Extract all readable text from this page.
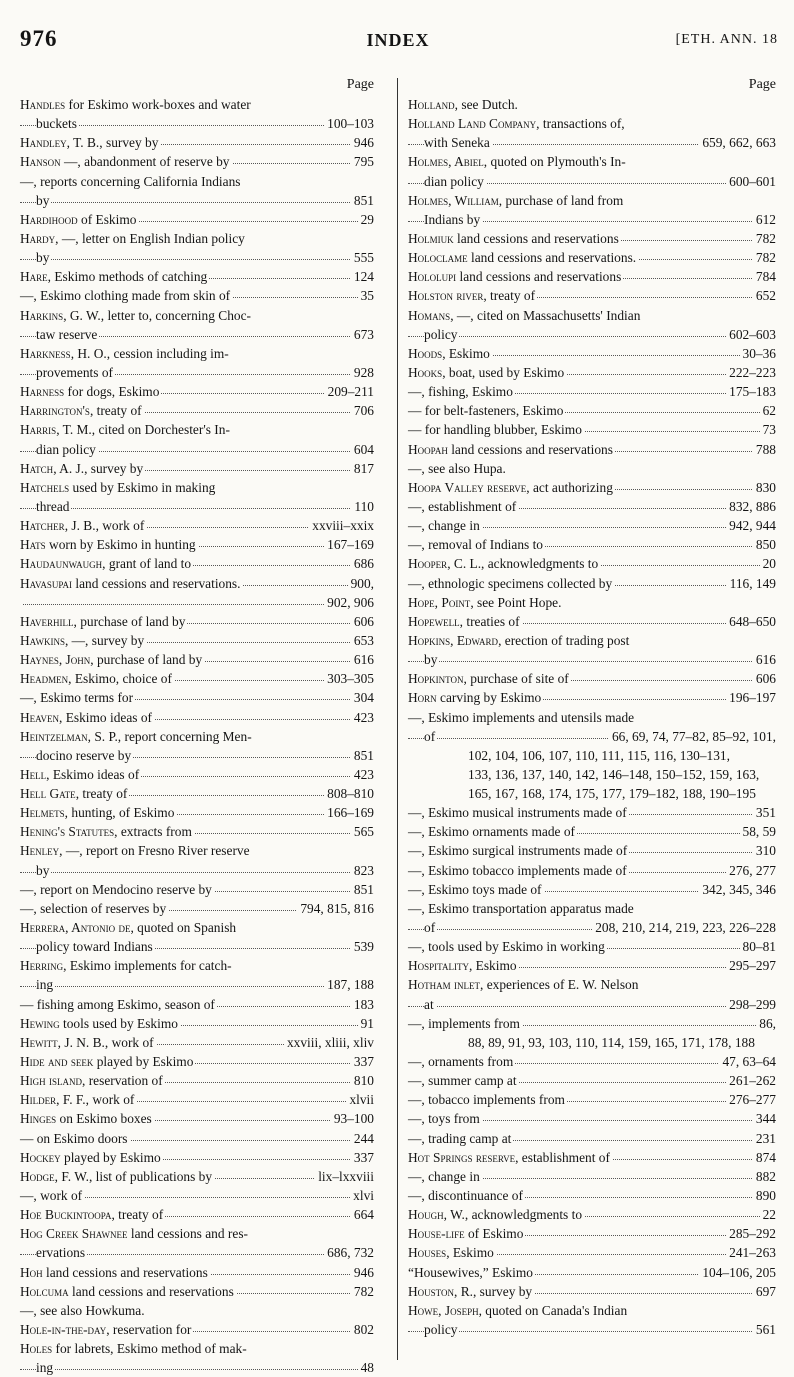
976	INDEX	[ETH. ANN. 18
Page
Handles for Eskimo work-boxes and water
buckets	100–103
Handley, T. B., survey by	946
Hanson —, abandonment of reserve by	795
—, reports concerning California Indians
by	851
Hardihood of Eskimo	29
Hardy, —, letter on English Indian policy
by	555
Hare, Eskimo methods of catching	124
—, Eskimo clothing made from skin of	35
Harkins, G. W., letter to, concerning Choc-
taw reserve	673
Harkness, H. O., cession including im-
provements of	928
Harness for dogs, Eskimo	209–211
Harrington's, treaty of	706
Harris, T. M., cited on Dorchester's In-
dian policy	604
Hatch, A. J., survey by	817
Hatchels used by Eskimo in making
thread	110
Hatcher, J. B., work of	xxviii–xxix
Hats worn by Eskimo in hunting	167–169
Haudaunwaugh, grant of land to	686
Havasupai land cessions and reservations.	900,
902, 906
Haverhill, purchase of land by	606
Hawkins, —, survey by	653
Haynes, John, purchase of land by	616
Headmen, Eskimo, choice of	303–305
—, Eskimo terms for	304
Heaven, Eskimo ideas of	423
Heintzelman, S. P., report concerning Men-
docino reserve by	851
Hell, Eskimo ideas of	423
Hell Gate, treaty of	808–810
Helmets, hunting, of Eskimo	166–169
Hening's Statutes, extracts from	565
Henley, —, report on Fresno River reserve
by	823
—, report on Mendocino reserve by	851
—, selection of reserves by	794, 815, 816
Herrera, Antonio de, quoted on Spanish
policy toward Indians	539
Herring, Eskimo implements for catch-
ing	187, 188
— fishing among Eskimo, season of	183
Hewing tools used by Eskimo	91
Hewitt, J. N. B., work of	xxviii, xliii, xliv
Hide and seek played by Eskimo	337
High island, reservation of	810
Hilder, F. F., work of	xlvii
Hinges on Eskimo boxes	93–100
— on Eskimo doors	244
Hockey played by Eskimo	337
Hodge, F. W., list of publications by	lix–lxxviii
—, work of	xlvi
Hoe Buckintoopa, treaty of	664
Hog Creek Shawnee land cessions and res-
ervations	686, 732
Hoh land cessions and reservations	946
Holcuma land cessions and reservations	782
—, see also Howkuma.
Hole-in-the-day, reservation for	802
Holes for labrets, Eskimo method of mak-
ing	48
Page
Holland, see Dutch.
Holland Land Company, transactions of,
with Seneka	659, 662, 663
Holmes, Abiel, quoted on Plymouth's In-
dian policy	600–601
Holmes, William, purchase of land from
Indians by	612
Holmiuk land cessions and reservations	782
Holoclame land cessions and reservations.	782
Hololupi land cessions and reservations	784
Holston river, treaty of	652
Homans, —, cited on Massachusetts' Indian
policy	602–603
Hoods, Eskimo	30–36
Hooks, boat, used by Eskimo	222–223
—, fishing, Eskimo	175–183
— for belt-fasteners, Eskimo	62
— for handling blubber, Eskimo	73
Hoopah land cessions and reservations	788
—, see also Hupa.
Hoopa Valley reserve, act authorizing	830
—, establishment of	832, 886
—, change in	942, 944
—, removal of Indians to	850
Hooper, C. L., acknowledgments to	20
—, ethnologic specimens collected by	116, 149
Hope, Point, see Point Hope.
Hopewell, treaties of	648–650
Hopkins, Edward, erection of trading post
by	616
Hopkinton, purchase of site of	606
Horn carving by Eskimo	196–197
—, Eskimo implements and utensils made
of	66, 69, 74, 77–82, 85–92, 101,
102, 104, 106, 107, 110, 111, 115, 116, 130–131,
133, 136, 137, 140, 142, 146–148, 150–152, 159, 163,
165, 167, 168, 174, 175, 177, 179–182, 188, 190–195
—, Eskimo musical instruments made of	351
—, Eskimo ornaments made of	58, 59
—, Eskimo surgical instruments made of	310
—, Eskimo tobacco implements made of	276, 277
—, Eskimo toys made of	342, 345, 346
—, Eskimo transportation apparatus made
of	208, 210, 214, 219, 223, 226–228
—, tools used by Eskimo in working	80–81
Hospitality, Eskimo	295–297
Hotham inlet, experiences of E. W. Nelson
at	298–299
—, implements from	86,
88, 89, 91, 93, 103, 110, 114, 159, 165, 171, 178, 188
—, ornaments from	47, 63–64
—, summer camp at	261–262
—, tobacco implements from	276–277
—, toys from	344
—, trading camp at	231
Hot Springs reserve, establishment of	874
—, change in	882
—, discontinuance of	890
Hough, W., acknowledgments to	22
House-life of Eskimo	285–292
Houses, Eskimo	241–263
“Housewives,” Eskimo	104–106, 205
Houston, R., survey by	697
Howe, Joseph, quoted on Canada's Indian
policy	561
